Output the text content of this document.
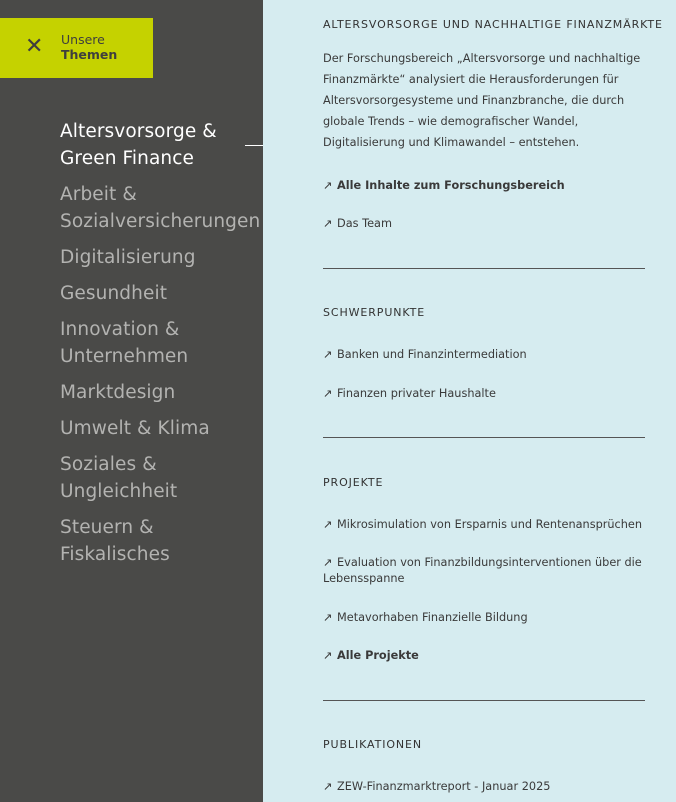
✕ Unsere
Themen
Altersvorsorge & Green Finance
Arbeit & Sozialversicherungen
Digitalisierung
Gesundheit
Innovation & Unternehmen
Marktdesign
Umwelt & Klima
Soziales & Ungleichheit
Steuern & Fiskalisches
ALTERSVORSORGE UND NACHHALTIGE FINANZMÄRKTE

Der Forschungsbereich „Altersvorsorge und nachhaltige Finanzmärkte“ analysiert die Herausforderungen für Altersvorsorgesysteme und Finanzbranche, die durch globale Trends – wie demografischer Wandel, Digitalisierung und Klimawandel – entstehen.

↗ Alle Inhalte zum Forschungsbereich
↗ Das Team
SCHWERPUNKTE
↗ Banken und Finanzintermediation
↗ Finanzen privater Haushalte
PROJEKTE
↗ Mikrosimulation von Ersparnis und Rentenansprüchen
↗ Evaluation von Finanzbildungsinterventionen über die Lebensspanne
↗ Metavorhaben Finanzielle Bildung
↗ Alle Projekte
PUBLIKATIONEN
↗ ZEW-Finanzmarktreport - Januar 2025
